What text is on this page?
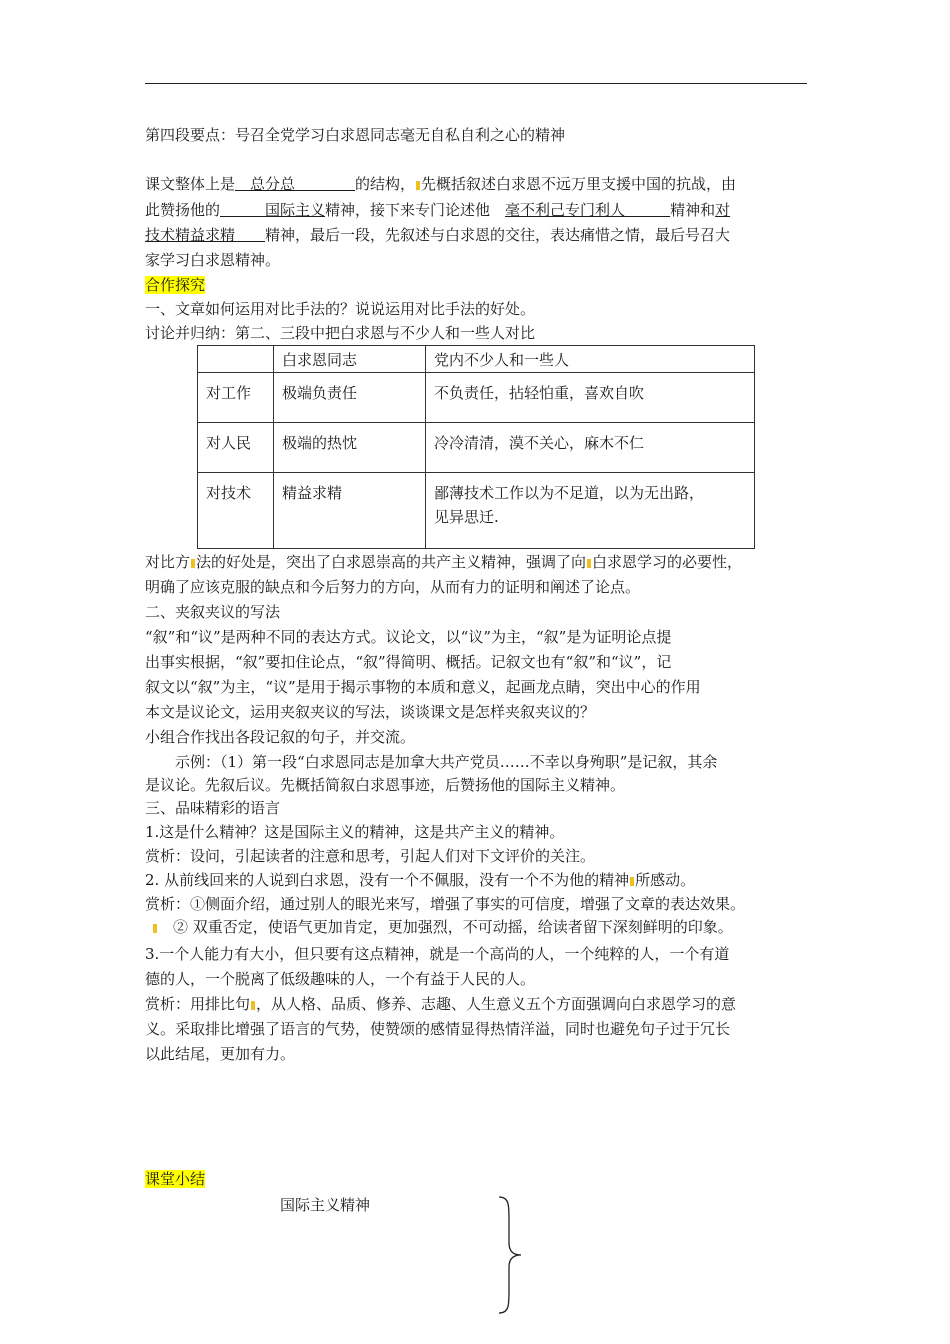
第四段要点：号召全党学习白求恩同志毫无自私自利之心的精神
课文整体上是　总分总　　　　的结构， 先概括叙述白求恩不远万里支援中国的抗战，由
此赞扬他的　　　国际主义精神，接下来专门论述他　毫不利己专门利人　　　精神和对
技术精益求精　　精神，最后一段，先叙述与白求恩的交往，表达痛惜之情，最后号召大
家学习白求恩精神。
合作探究
一、文章如何运用对比手法的？说说运用对比手法的好处。
讨论并归纳：第二、三段中把白求恩与不少人和一些人对比
	白求恩同志	党内不少人和一些人
对工作	极端负责任	不负责任，拈轻怕重，喜欢自吹
对人民	极端的热忱	冷冷清清，漠不关心，麻木不仁
对技术	精益求精	鄙薄技术工作以为不足道，以为无出路，
见异思迁.
对比方 法的好处是，突出了白求恩崇高的共产主义精神，强调了向 白求恩学习的必要性，
明确了应该克服的缺点和今后努力的方向，从而有力的证明和阐述了论点。
二、夹叙夹议的写法
“叙”和“议”是两种不同的表达方式。议论文，以“议”为主，“叙”是为证明论点提
出事实根据，“叙”要扣住论点，“叙”得简明、概括。记叙文也有“叙”和“议”，记
叙文以“叙”为主，“议”是用于揭示事物的本质和意义，起画龙点睛，突出中心的作用
本文是议论文，运用夹叙夹议的写法，谈谈课文是怎样夹叙夹议的？
小组合作找出各段记叙的句子，并交流。
　　示例：（1）第一段“白求恩同志是加拿大共产党员……不幸以身殉职”是记叙，其余
是议论。先叙后议。先概括简叙白求恩事迹，后赞扬他的国际主义精神。
三、品味精彩的语言
1.这是什么精神？这是国际主义的精神，这是共产主义的精神。
赏析：设问，引起读者的注意和思考，引起人们对下文评价的关注。
2. 从前线回来的人说到白求恩，没有一个不佩服，没有一个不为他的精神 所感动。
赏析：①侧面介绍，通过别人的眼光来写，增强了事实的可信度，增强了文章的表达效果。
　② 双重否定，使语气更加肯定，更加强烈，不可动摇，给读者留下深刻鲜明的印象。
3.一个人能力有大小，但只要有这点精神，就是一个高尚的人，一个纯粹的人，一个有道
德的人，一个脱离了低级趣味的人，一个有益于人民的人。
赏析：用排比句 ，从人格、品质、修养、志趣、人生意义五个方面强调向白求恩学习的意
义。采取排比增强了语言的气势，使赞颂的感情显得热情洋溢，同时也避免句子过于冗长
以此结尾，更加有力。
课堂小结
国际主义精神
